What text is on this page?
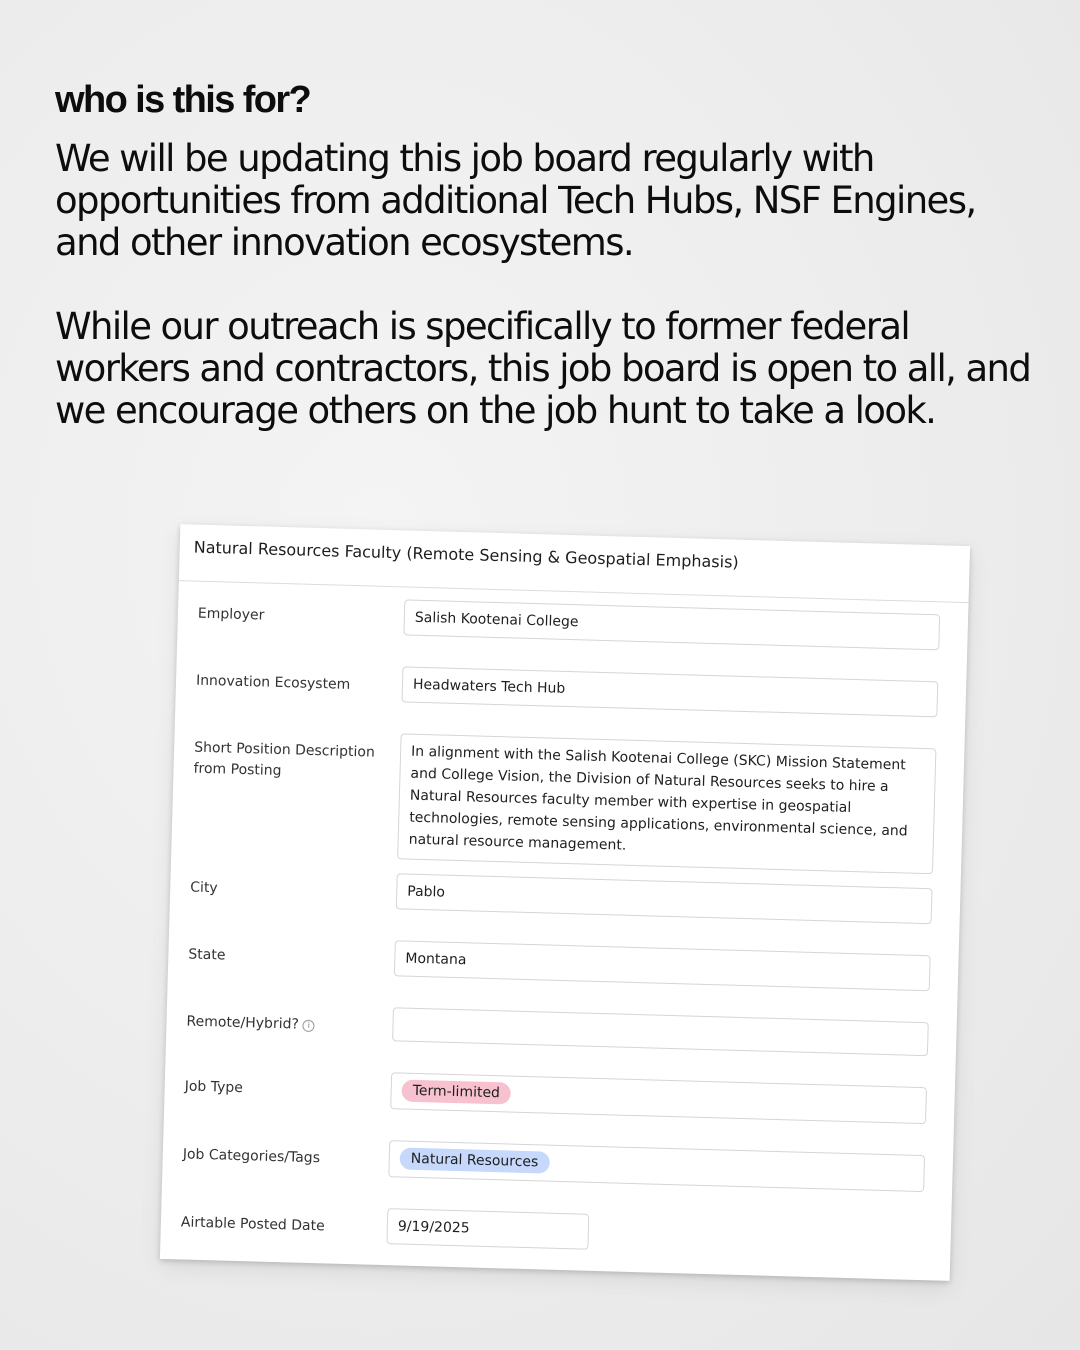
who is this for?

We will be updating this job board regularly with opportunities from additional Tech Hubs, NSF Engines, and other innovation ecosystems.

While our outreach is specifically to former federal workers and contractors, this job board is open to all, and we encourage others on the job hunt to take a look.

Natural Resources Faculty (Remote Sensing & Geospatial Emphasis)
Employer	Salish Kootenai College
Innovation Ecosystem	Headwaters Tech Hub
Short Position Description from Posting	In alignment with the Salish Kootenai College (SKC) Mission Statement and College Vision, the Division of Natural Resources seeks to hire a Natural Resources faculty member with expertise in geospatial technologies, remote sensing applications, environmental science, and natural resource management.
City	Pablo
State	Montana
Remote/Hybrid? i
Job Type	Term-limited
Job Categories/Tags	Natural Resources
Airtable Posted Date	9/19/2025
